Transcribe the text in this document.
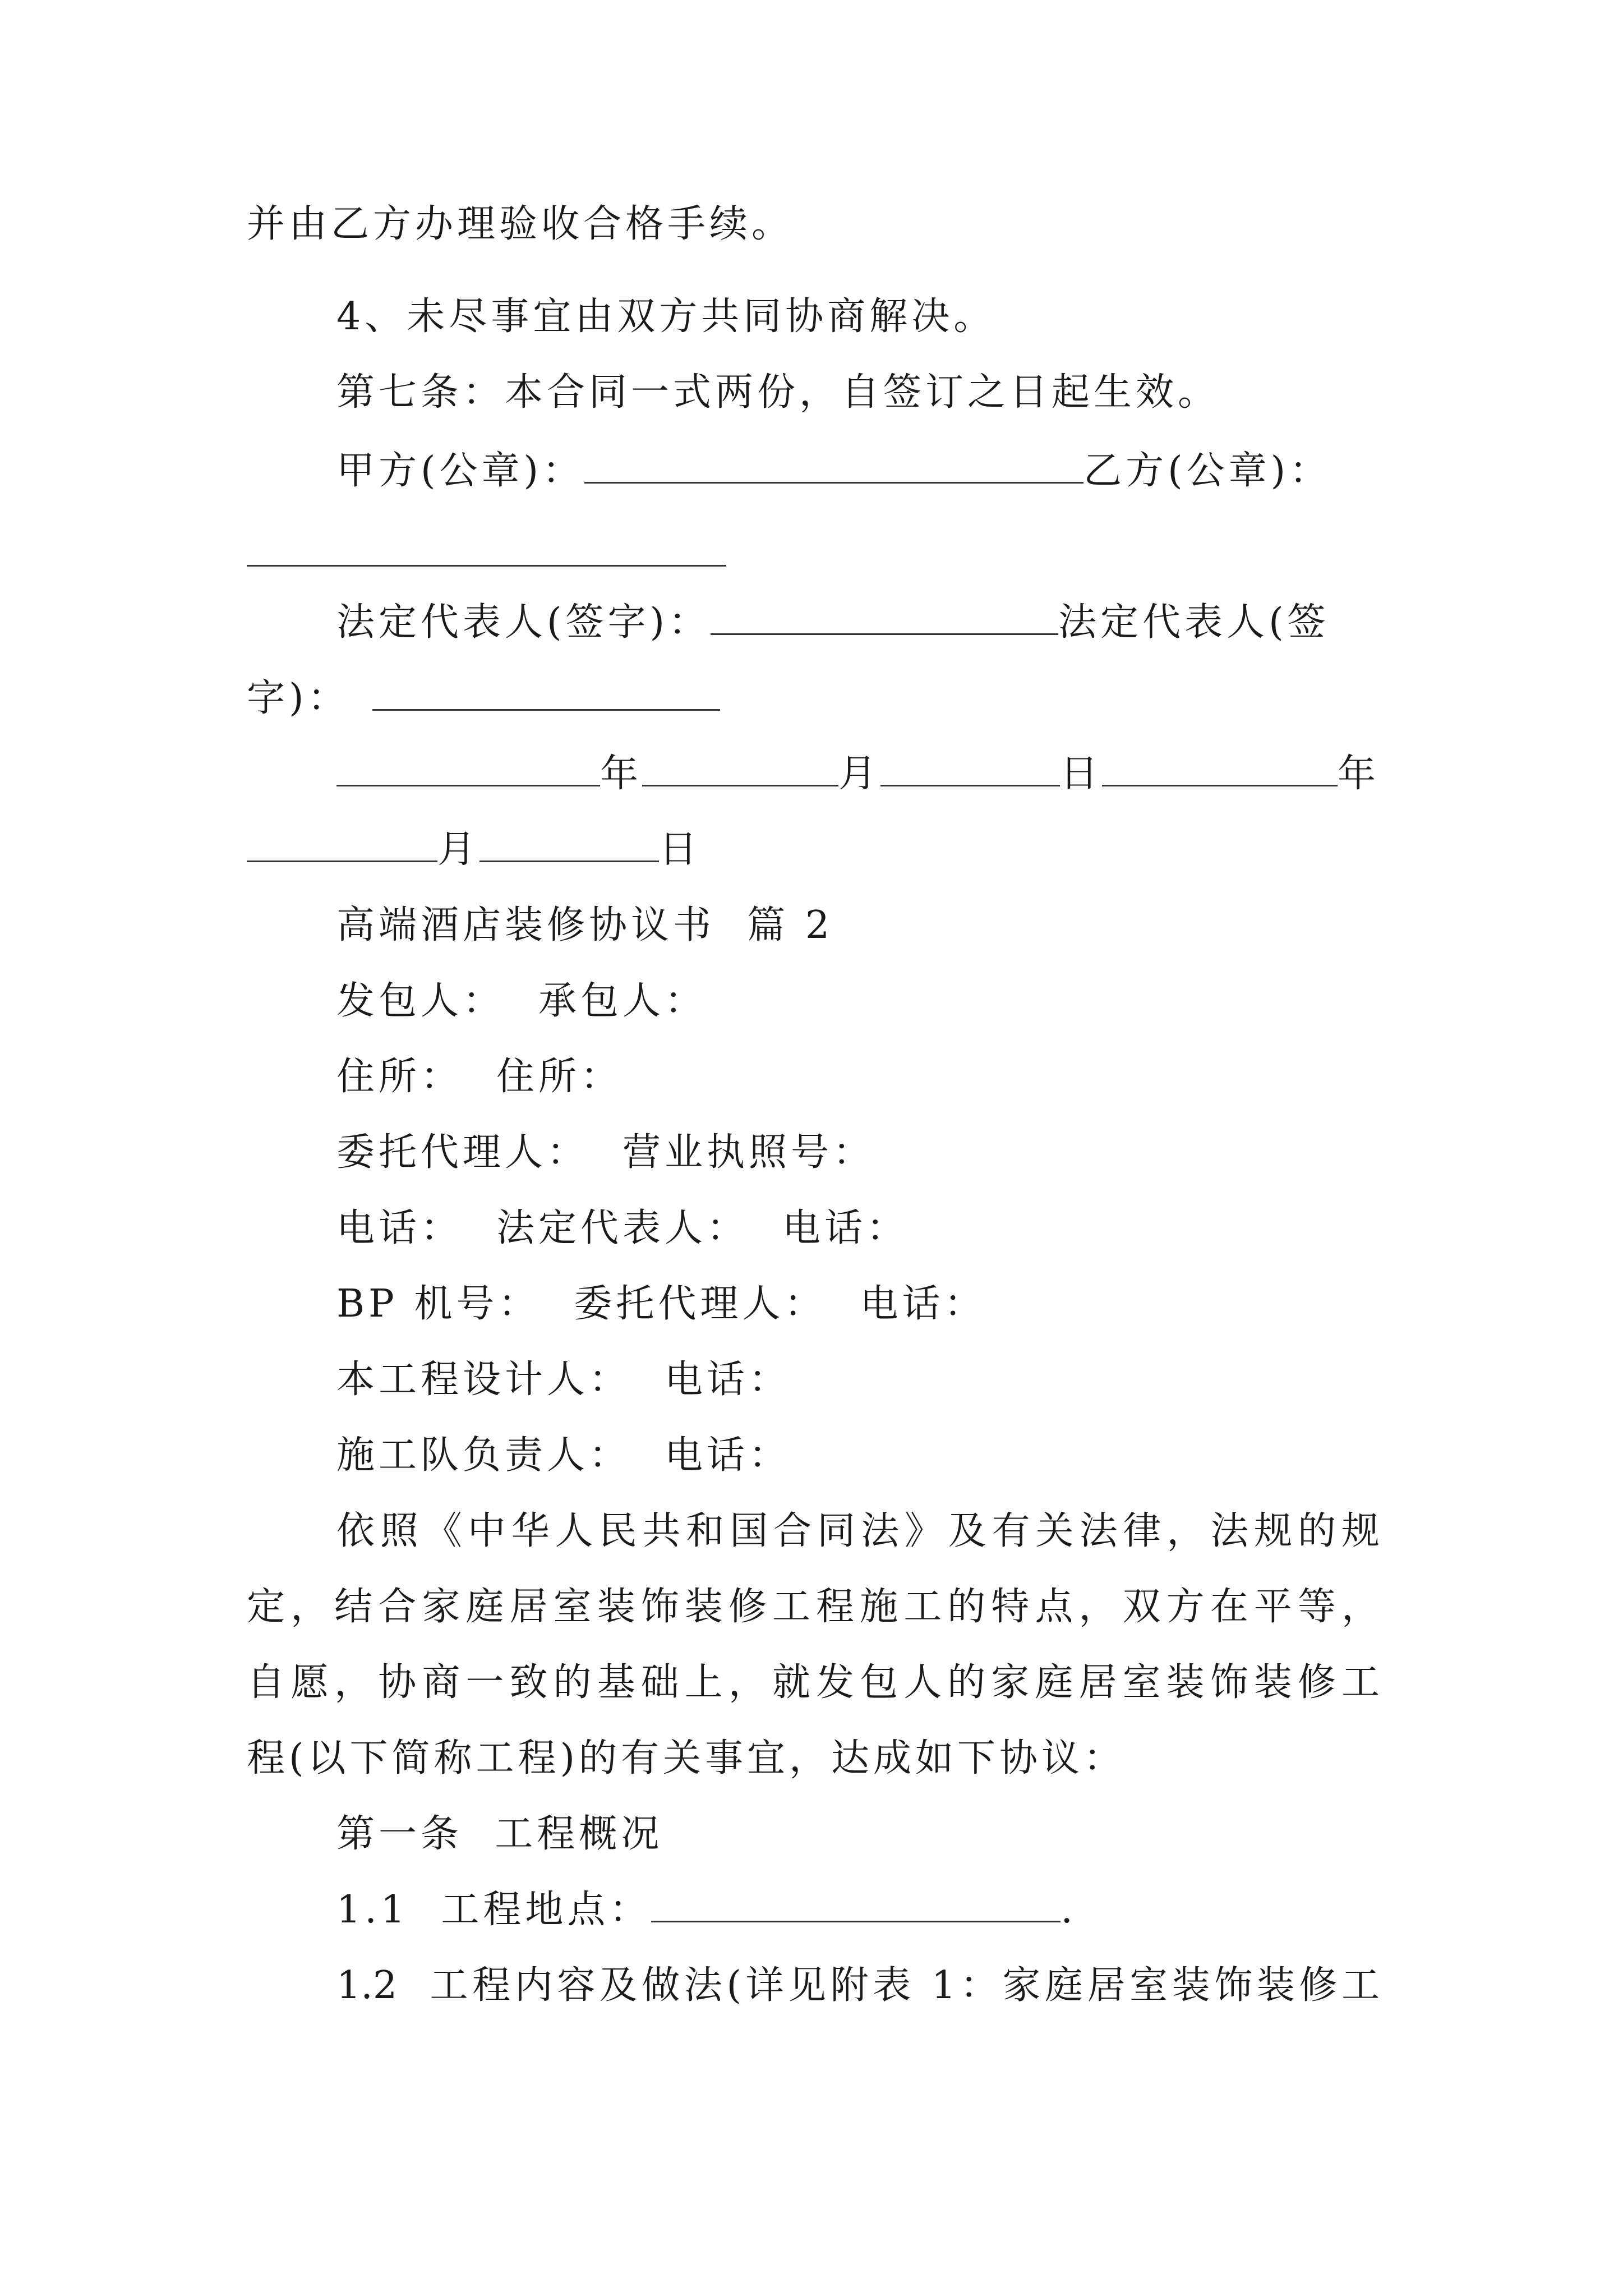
并由乙方办理验收合格手续。
4、未尽事宜由双方共同协商解决。
第七条：本合同一式两份，自签订之日起生效。
甲方(公章)：	乙方(公章)：
法定代表人(签字)：	法定代表人(签
字)：
年	月	日	年
月	日
高端酒店装修协议书  篇 2
发包人： 承包人：
住所： 住所：
委托代理人： 营业执照号：
电话： 法定代表人： 电话：
BP 机号： 委托代理人： 电话：
本工程设计人： 电话：
施工队负责人： 电话：
依照《中华人民共和国合同法》及有关法律，法规的规
定，结合家庭居室装饰装修工程施工的特点，双方在平等，
自愿，协商一致的基础上，就发包人的家庭居室装饰装修工
程(以下简称工程)的有关事宜，达成如下协议：
第一条  工程概况
1.1  工程地点：	.
1.2  工程内容及做法(详见附表 1：家庭居室装饰装修工
